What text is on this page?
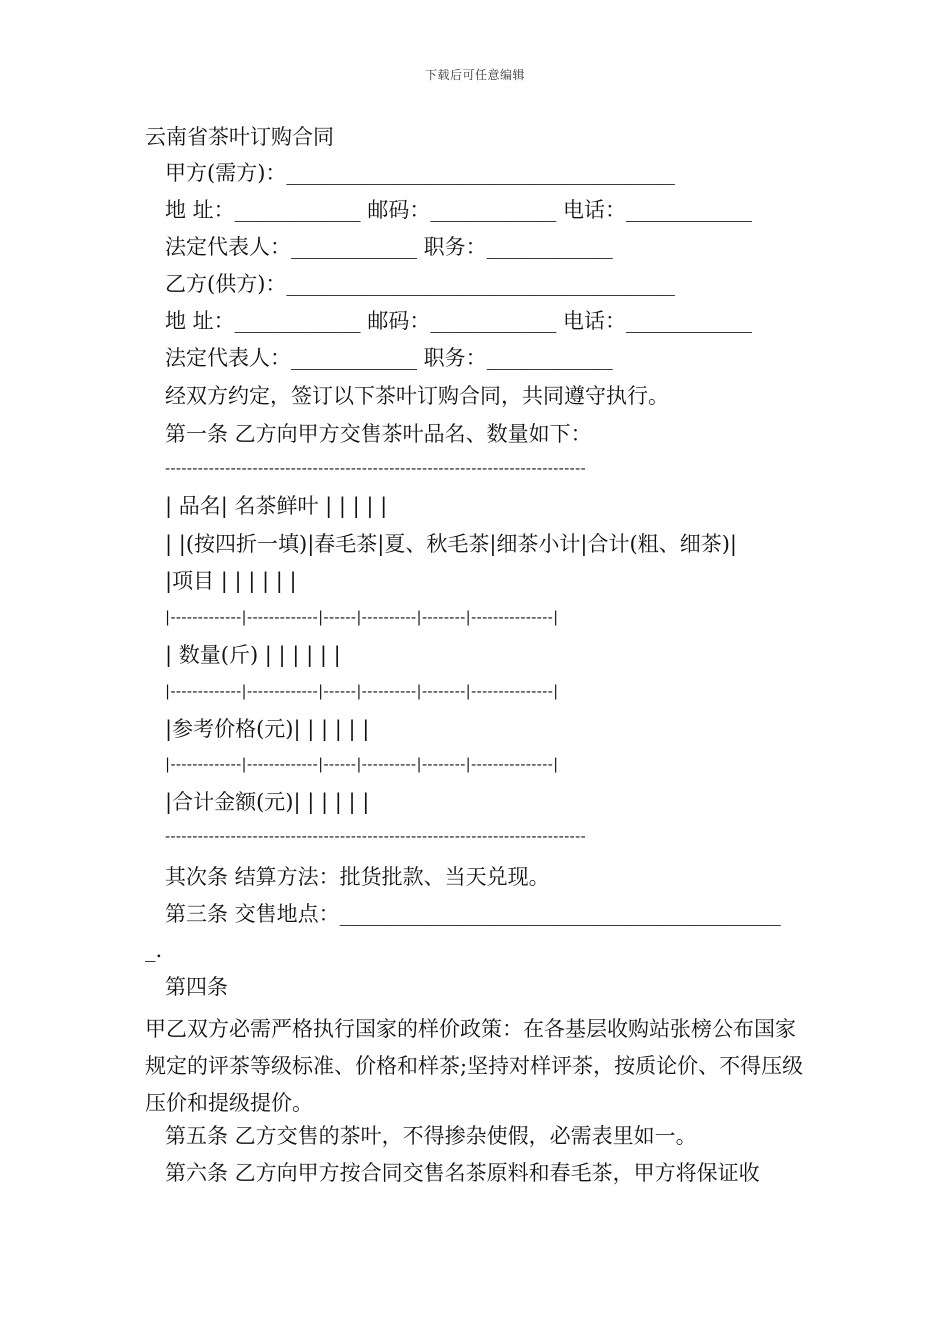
下载后可任意编辑
云南省茶叶订购合同
甲方(需方)：_____________________________________
地 址：____________ 邮码：____________ 电话：____________
法定代表人：____________ 职务：____________
乙方(供方)：_____________________________________
地 址：____________ 邮码：____________ 电话：____________
法定代表人：____________ 职务：____________
经双方约定，签订以下茶叶订购合同，共同遵守执行。
第一条 乙方向甲方交售茶叶品名、数量如下：
-----------------------------------------------------------------------------
| 品名| 名茶鲜叶 | | | | |
| |(按四折一填)|春毛茶|夏、秋毛茶|细茶小计|合计(粗、细茶)|
|项目 | | | | | |
|-------------|-------------|------|----------|--------|---------------|
| 数量(斤) | | | | | |
|-------------|-------------|------|----------|--------|---------------|
|参考价格(元)| | | | | |
|-------------|-------------|------|----------|--------|---------------|
|合计金额(元)| | | | | |
-----------------------------------------------------------------------------
其次条 结算方法：批货批款、当天兑现。
第三条 交售地点：__________________________________________
_.
第四条
甲乙双方必需严格执行国家的样价政策：在各基层收购站张榜公布国家规定的评茶等级标准、价格和样茶;坚持对样评茶，按质论价、不得压级压价和提级提价。
第五条 乙方交售的茶叶，不得掺杂使假，必需表里如一。
第六条 乙方向甲方按合同交售名茶原料和春毛茶，甲方将保证收
